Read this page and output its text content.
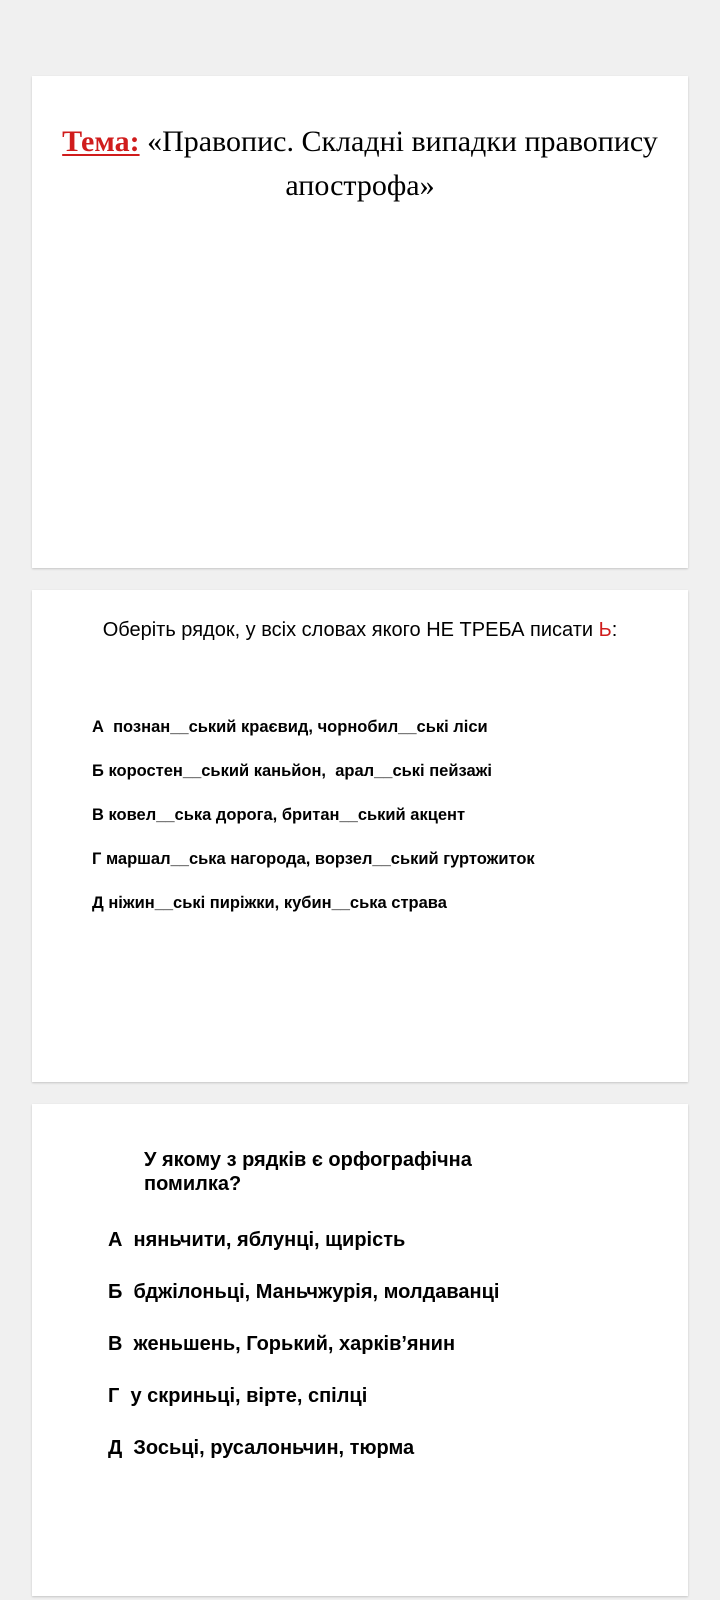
Тема: «Правопис. Складні випадки правопису апострофа»
Оберіть рядок, у всіх словах якого НЕ ТРЕБА писати Ь:
А  познан__ський краєвид, чорнобил__ські ліси
Б коростен__ський каньйон,  арал__ські пейзажі
В ковел__ська дорога, британ__ський акцент
Г маршал__ська нагорода, ворзел__ський гуртожиток
Д ніжин__ські пиріжки, кубин__ська страва
У якому з рядків є орфографічна помилка?
А  няньчити, яблунці, щирість
Б  бджілоньці, Маньчжурія, молдаванці
В  женьшень, Горький, харків’янин
Г  у скриньці, вірте, спілці
Д  Зосьці, русалоньчин, тюрма
